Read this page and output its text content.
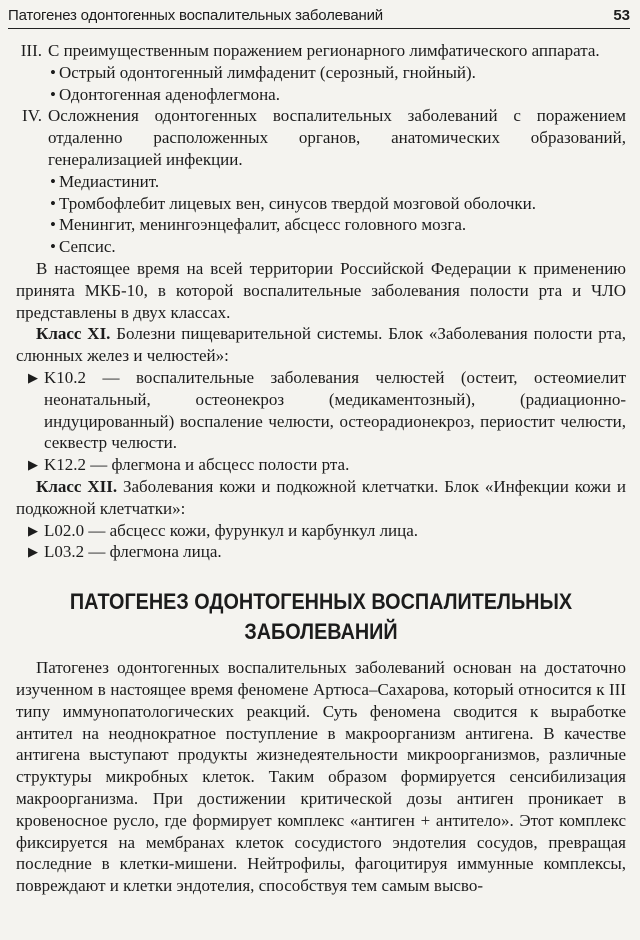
Патогенез одонтогенных воспалительных заболеваний	53
III. С преимущественным поражением регионарного лимфатического аппарата.
• Острый одонтогенный лимфаденит (серозный, гнойный).
• Одонтогенная аденофлегмона.
IV. Осложнения одонтогенных воспалительных заболеваний с поражением отдаленно расположенных органов, анатомических образований, генерализацией инфекции.
• Медиастинит.
• Тромбофлебит лицевых вен, синусов твердой мозговой оболочки.
• Менингит, менингоэнцефалит, абсцесс головного мозга.
• Сепсис.

В настоящее время на всей территории Российской Федерации к применению принята МКБ-10, в которой воспалительные заболевания полости рта и ЧЛО представлены в двух классах.

Класс XI. Болезни пищеварительной системы. Блок «Заболевания полости рта, слюнных желез и челюстей»:

▶ K10.2 — воспалительные заболевания челюстей (остеит, остеомиелит неонатальный, остеонекроз (медикаментозный), (радиационно-индуцированный) воспаление челюсти, остеорадионекроз, периостит челюсти, секвестр челюсти.
▶ K12.2 — флегмона и абсцесс полости рта.

Класс XII. Заболевания кожи и подкожной клетчатки. Блок «Инфекции кожи и подкожной клетчатки»:

▶ L02.0 — абсцесс кожи, фурункул и карбункул лица.
▶ L03.2 — флегмона лица.
ПАТОГЕНЕЗ ОДОНТОГЕННЫХ ВОСПАЛИТЕЛЬНЫХ
ЗАБОЛЕВАНИЙ

Патогенез одонтогенных воспалительных заболеваний основан на достаточно изученном в настоящее время феномене Артюса–Сахарова, который относится к III типу иммунопатологических реакций. Суть феномена сводится к выработке антител на неоднократное поступление в макроорганизм антигена. В качестве антигена выступают продукты жизнедеятельности микроорганизмов, различные структуры микробных клеток. Таким образом формируется сенсибилизация макроорганизма. При достижении критической дозы антиген проникает в кровеносное русло, где формирует комплекс «антиген + антитело». Этот комплекс фиксируется на мембранах клеток сосудистого эндотелия сосудов, превращая последние в клетки-мишени. Нейтрофилы, фагоцитируя иммунные комплексы, повреждают и клетки эндотелия, способствуя тем самым высво-
